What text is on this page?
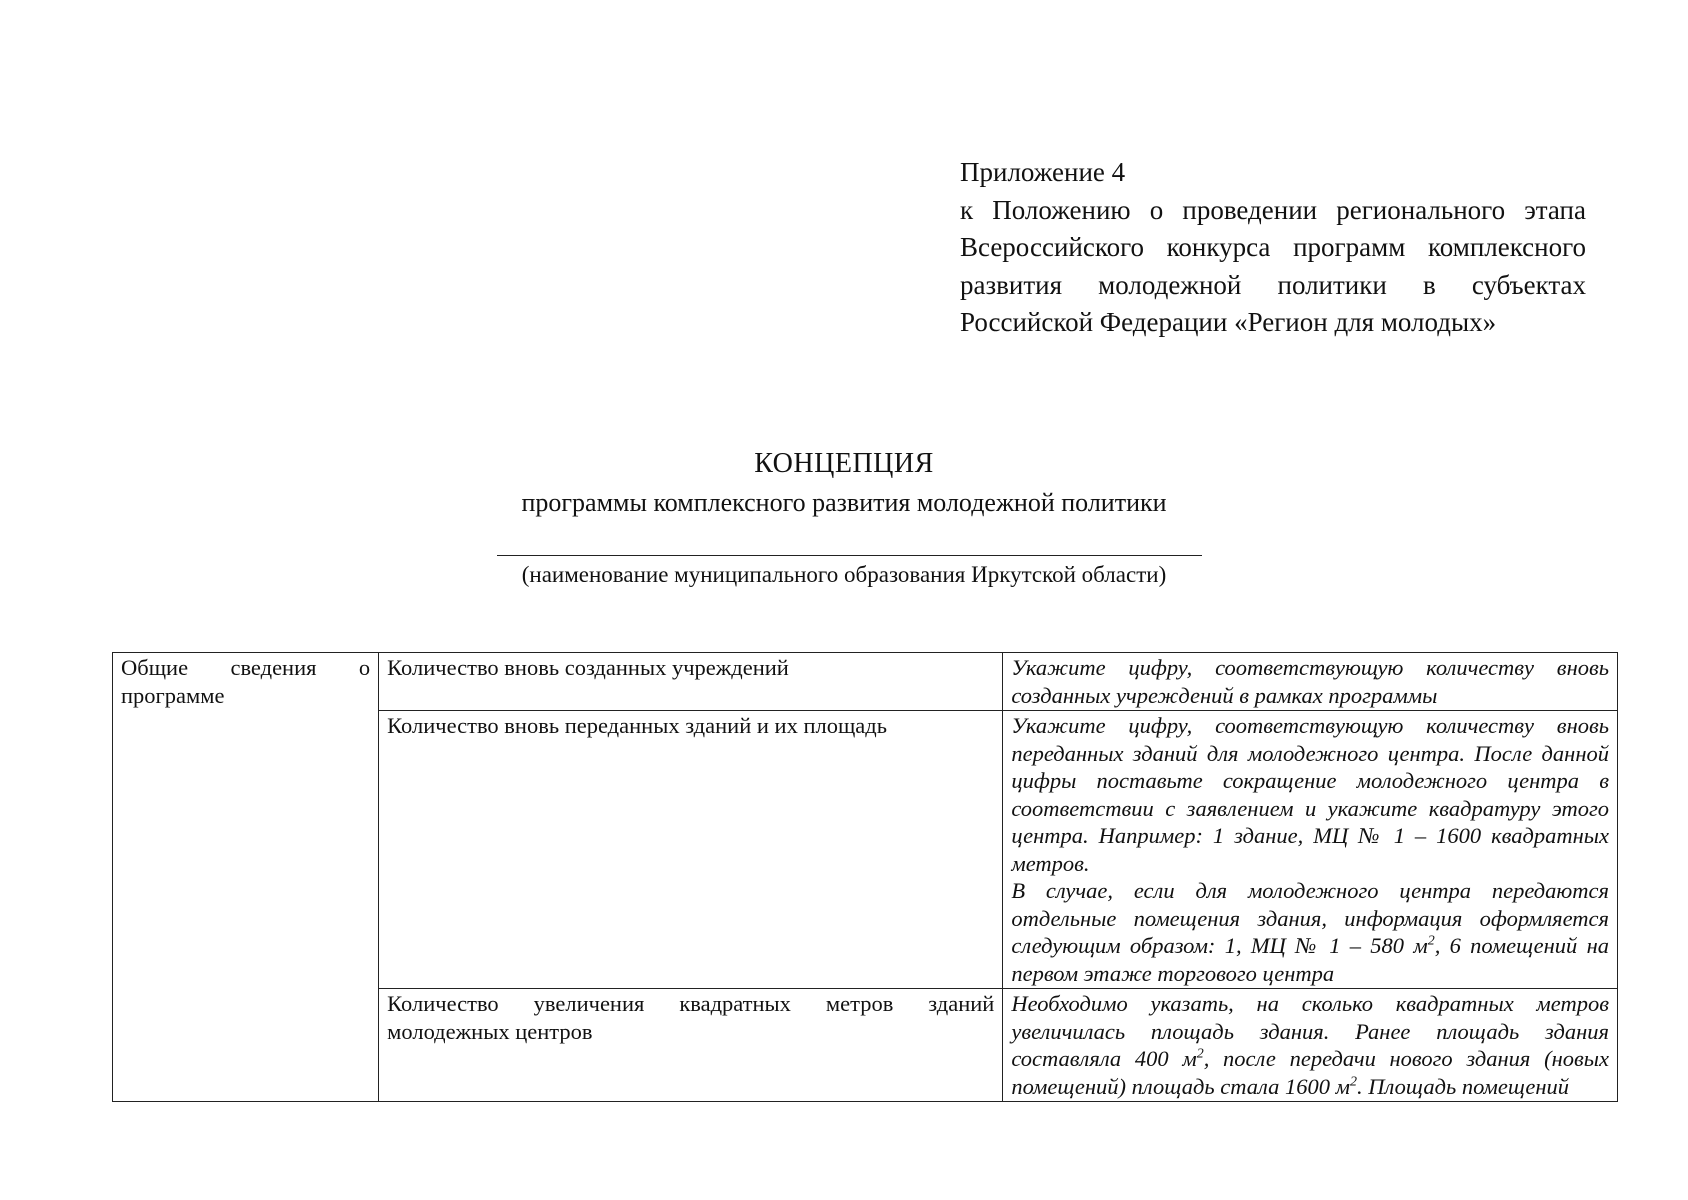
Приложение 4
к Положению о проведении регионального этапа
Всероссийского конкурса программ комплексного
развития молодежной политики в субъектах
Российской Федерации «Регион для молодых»
КОНЦЕПЦИЯ
программы комплексного развития молодежной политики
(наименование муниципального образования Иркутской области)
Общие сведения о программе	Количество вновь созданных учреждений	Укажите цифру, соответствующую количеству вновь созданных учреждений в рамках программы
	Количество вновь переданных зданий и их площадь	Укажите цифру, соответствующую количеству вновь переданных зданий для молодежного центра. После данной цифры поставьте сокращение молодежного центра в соответствии с заявлением и укажите квадратуру этого центра. Например: 1 здание, МЦ № 1 – 1600 квадратных метров.

В случае, если для молодежного центра передаются отдельные помещения здания, информация оформляется следующим образом: 1, МЦ № 1 – 580 $м^2$, 6 помещений на первом этаже торгового центра

	Количество увеличения квадратных метров зданий молодежных центров	Необходимо указать, на сколько квадратных метров увеличилась площадь здания. Ранее площадь здания составляла 400 $м^2$, после передачи нового здания (новых помещений) площадь стала 1600 $м^2$. Площадь помещений
